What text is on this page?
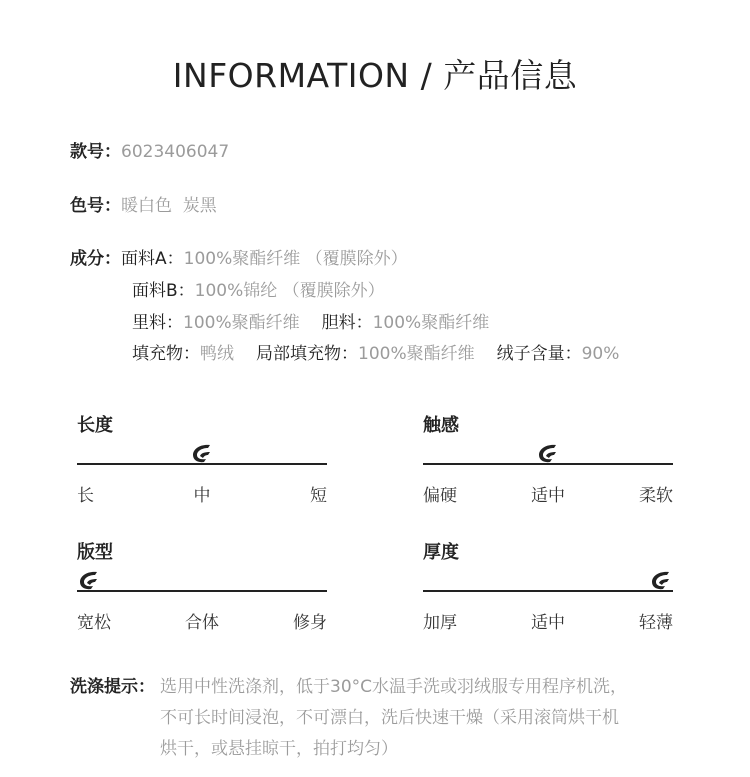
INFORMATION / 产品信息
款号：6023406047
色号：暖白色  炭黑
成分：面料A：100%聚酯纤维 （覆膜除外）
面料B：100%锦纶 （覆膜除外）
里料：100%聚酯纤维 胆料：100%聚酯纤维
填充物：鸭绒 局部填充物：100%聚酯纤维 绒子含量：90%
长度
长	中	短
触感
偏硬	适中	柔软
版型
宽松	合体	修身
厚度
加厚	适中	轻薄
洗涤提示： 选用中性洗涤剂，低于30°C水温手洗或羽绒服专用程序机洗，
不可长时间浸泡，不可漂白，洗后快速干燥（采用滚筒烘干机
烘干，或悬挂晾干，拍打均匀）
